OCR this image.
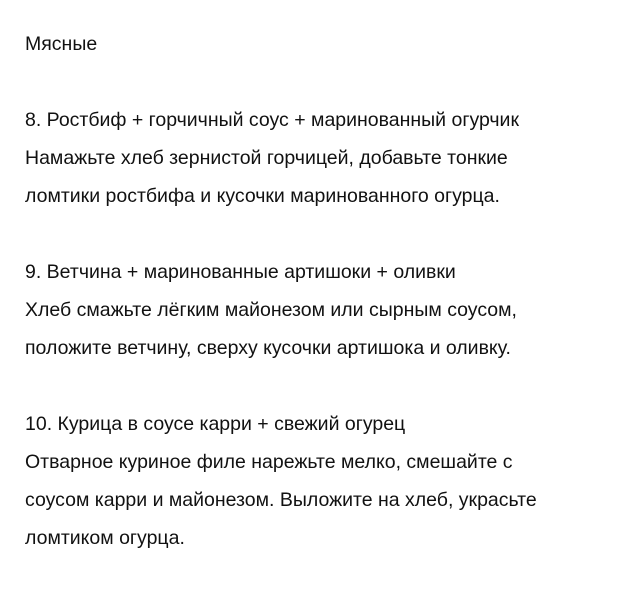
Мясные
8. Ростбиф + горчичный соус + маринованный огурчик
Намажьте хлеб зернистой горчицей, добавьте тонкие
ломтики ростбифа и кусочки маринованного огурца.
9. Ветчина + маринованные артишоки + оливки
Хлеб смажьте лёгким майонезом или сырным соусом,
положите ветчину, сверху кусочки артишока и оливку.
10. Курица в соусе карри + свежий огурец
Отварное куриное филе нарежьте мелко, смешайте с
соусом карри и майонезом. Выложите на хлеб, украсьте
ломтиком огурца.
